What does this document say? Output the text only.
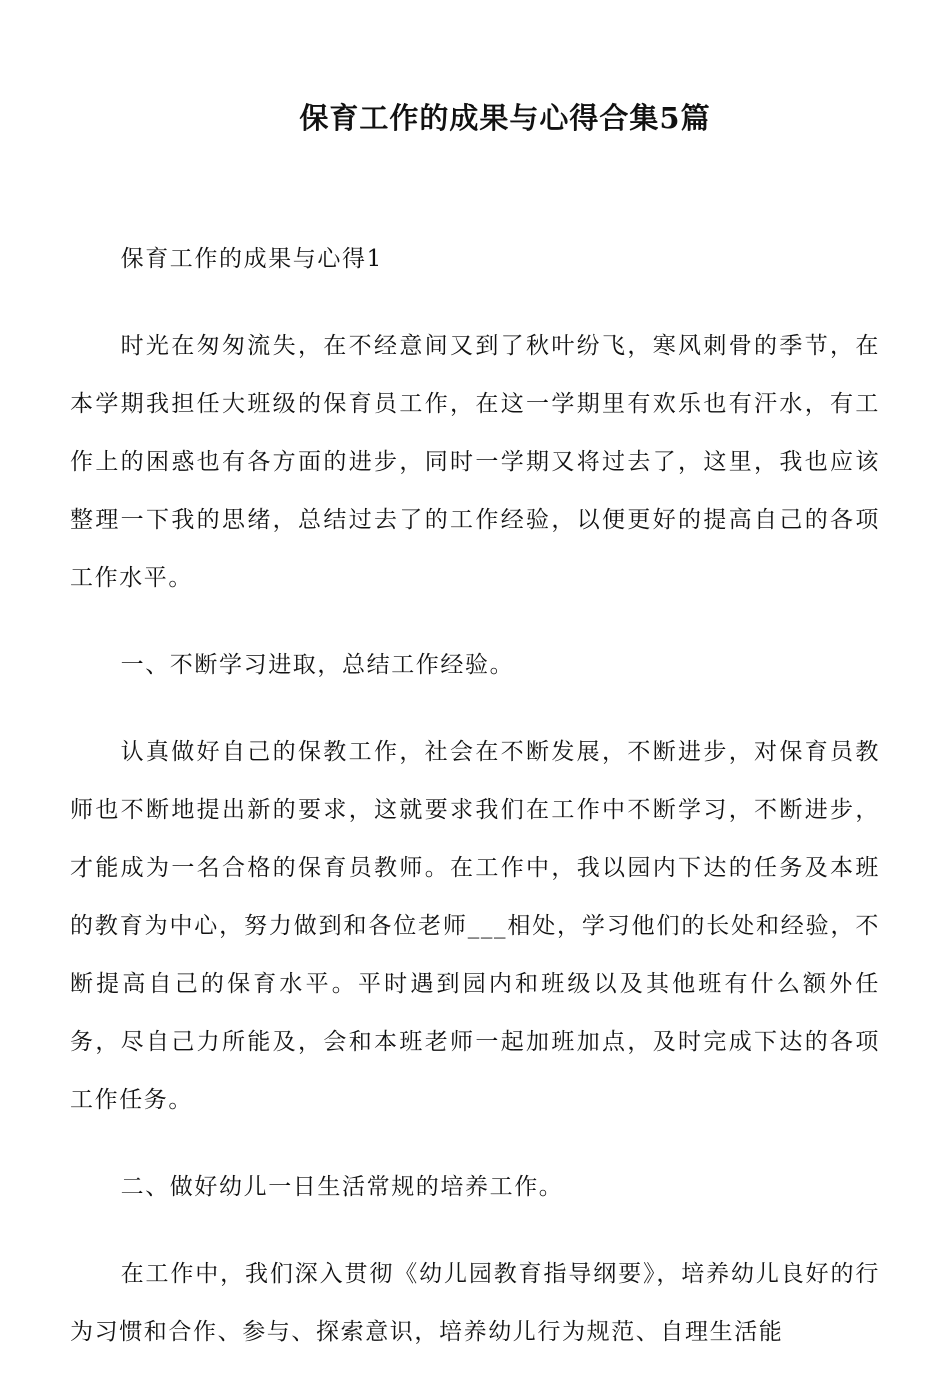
保育工作的成果与心得合集5篇

保育工作的成果与心得1

时光在匆匆流失，在不经意间又到了秋叶纷飞，寒风刺骨的季节，在本学期我担任大班级的保育员工作，在这一学期里有欢乐也有汗水，有工作上的困惑也有各方面的进步，同时一学期又将过去了，这里，我也应该整理一下我的思绪，总结过去了的工作经验，以便更好的提高自己的各项工作水平。

一、不断学习进取，总结工作经验。

认真做好自己的保教工作，社会在不断发展，不断进步，对保育员教师也不断地提出新的要求，这就要求我们在工作中不断学习，不断进步，才能成为一名合格的保育员教师。在工作中，我以园内下达的任务及本班的教育为中心，努力做到和各位老师___相处，学习他们的长处和经验，不断提高自己的保育水平。平时遇到园内和班级以及其他班有什么额外任务，尽自己力所能及，会和本班老师一起加班加点，及时完成下达的各项工作任务。

二、做好幼儿一日生活常规的培养工作。

在工作中，我们深入贯彻《幼儿园教育指导纲要》，培养幼儿良好的行为习惯和合作、参与、探索意识，培养幼儿行为规范、自理生活能
